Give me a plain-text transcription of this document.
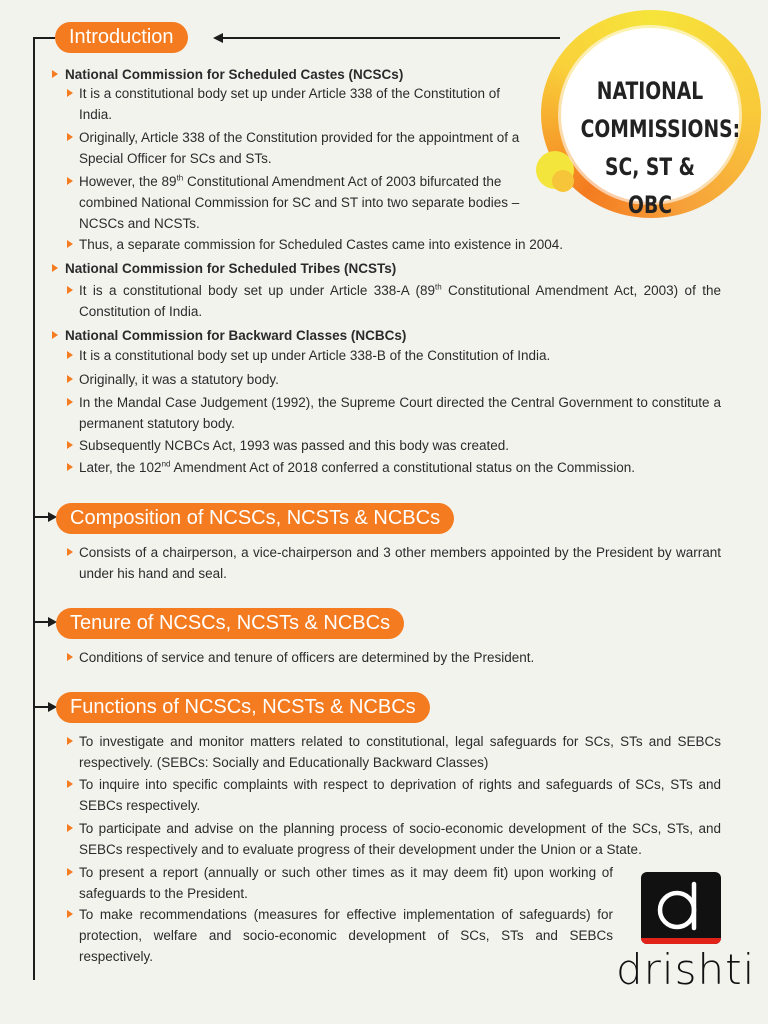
NATIONAL
COMMISSIONS:
SC, ST & OBC
Introduction
National Commission for Scheduled Castes (NCSCs)
It is a constitutional body set up under Article 338 of the Constitution of India.
Originally, Article 338 of the Constitution provided for the appointment of a Special Officer for SCs and STs.
However, the 89th Constitutional Amendment Act of 2003 bifurcated the combined National Commission for SC and ST into two separate bodies – NCSCs and NCSTs.
Thus, a separate commission for Scheduled Castes came into existence in 2004.
National Commission for Scheduled Tribes (NCSTs)
It is a constitutional body set up under Article 338-A (89th Constitutional Amendment Act, 2003) of the Constitution of India.
National Commission for Backward Classes (NCBCs)
It is a constitutional body set up under Article 338-B of the Constitution of India.
Originally, it was a statutory body.
In the Mandal Case Judgement (1992), the Supreme Court directed the Central Government to constitute a permanent statutory body.
Subsequently NCBCs Act, 1993 was passed and this body was created.
Later, the 102nd Amendment Act of 2018 conferred a constitutional status on the Commission.
Composition of NCSCs, NCSTs & NCBCs
Consists of a chairperson, a vice-chairperson and 3 other members appointed by the President by warrant under his hand and seal.
Tenure of NCSCs, NCSTs & NCBCs
Conditions of service and tenure of officers are determined by the President.
Functions of NCSCs, NCSTs & NCBCs
To investigate and monitor matters related to constitutional, legal safeguards for SCs, STs and SEBCs respectively. (SEBCs: Socially and Educationally Backward Classes)
To inquire into specific complaints with respect to deprivation of rights and safeguards of SCs, STs and SEBCs respectively.
To participate and advise on the planning process of socio-economic development of the SCs, STs, and SEBCs respectively and to evaluate progress of their development under the Union or a State.
To present a report (annually or such other times as it may deem fit) upon working of safeguards to the President.
To make recommendations (measures for effective implementation of safeguards) for protection, welfare and socio-economic development of SCs, STs and SEBCs respectively.	drishti
